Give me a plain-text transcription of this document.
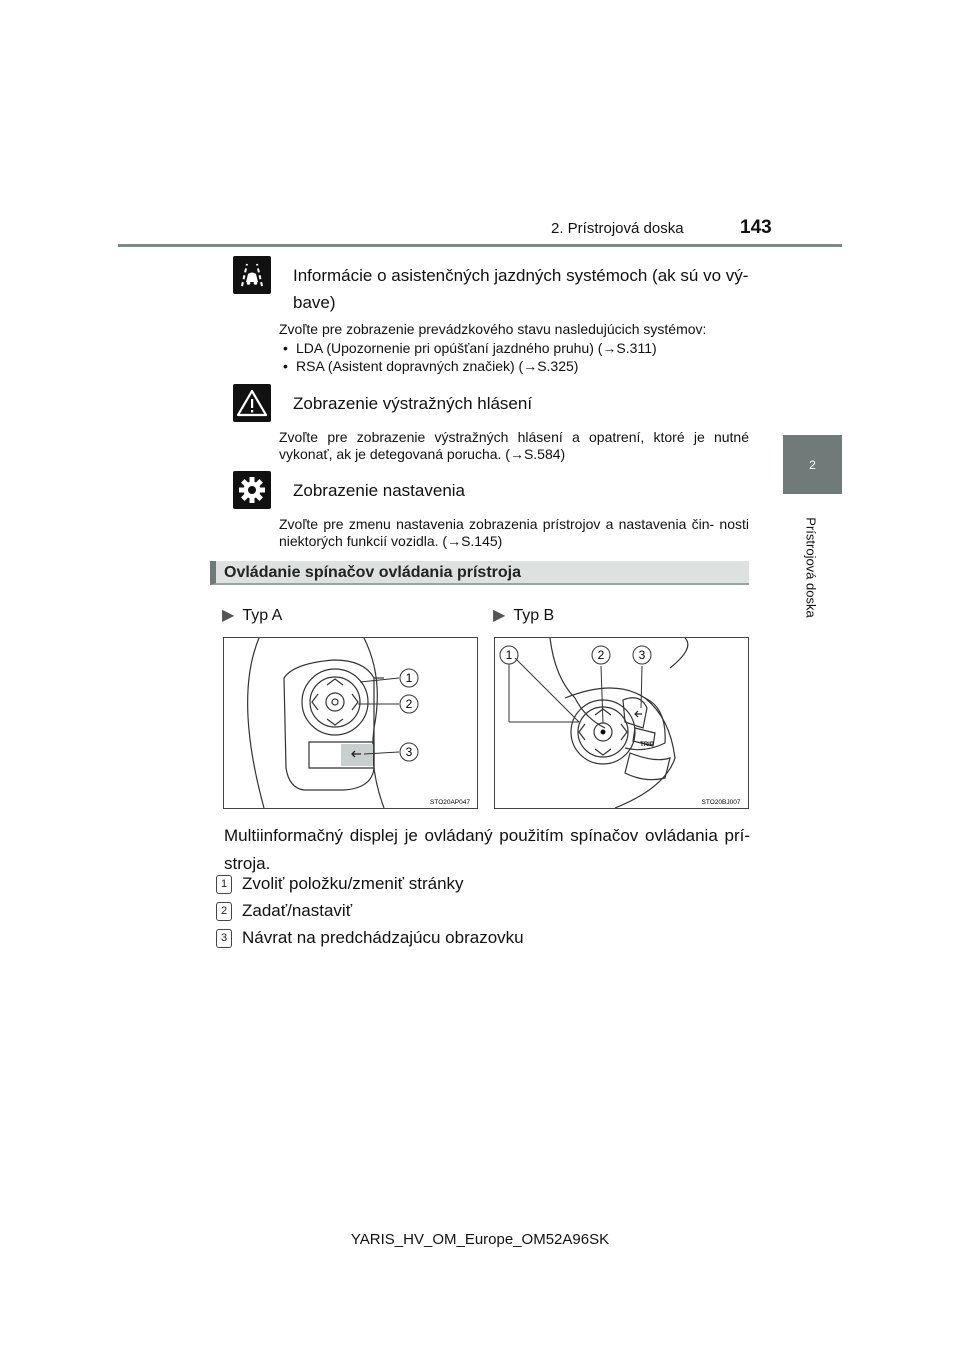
2. Prístrojová doska	143
2
Prístrojová doska
Informácie o asistenčných jazdných systémoch (ak sú vo vý- bave)
Zvoľte pre zobrazenie prevádzkového stavu nasledujúcich systémov:
• LDA (Upozornenie pri opúšťaní jazdného pruhu) (→S.311)
• RSA (Asistent dopravných značiek) (→S.325)
Zobrazenie výstražných hlásení
Zvoľte pre zobrazenie výstražných hlásení a opatrení, ktoré je nutné vykonať, ak je detegovaná porucha. (→S.584)
Zobrazenie nastavenia
Zvoľte pre zmenu nastavenia zobrazenia prístrojov a nastavenia čin- nosti niektorých funkcií vozidla. (→S.145)
Ovládanie spínačov ovládania prístroja
▶ Typ A	▶ Typ B
1
2
3
STO20AP047
TRIP
1	2	3
STO20BJ007
Multiinformačný displej je ovládaný použitím spínačov ovládania prí- stroja.
1 Zvoliť položku/zmeniť stránky
2 Zadať/nastaviť
3 Návrat na predchádzajúcu obrazovku
YARIS_HV_OM_Europe_OM52A96SK
